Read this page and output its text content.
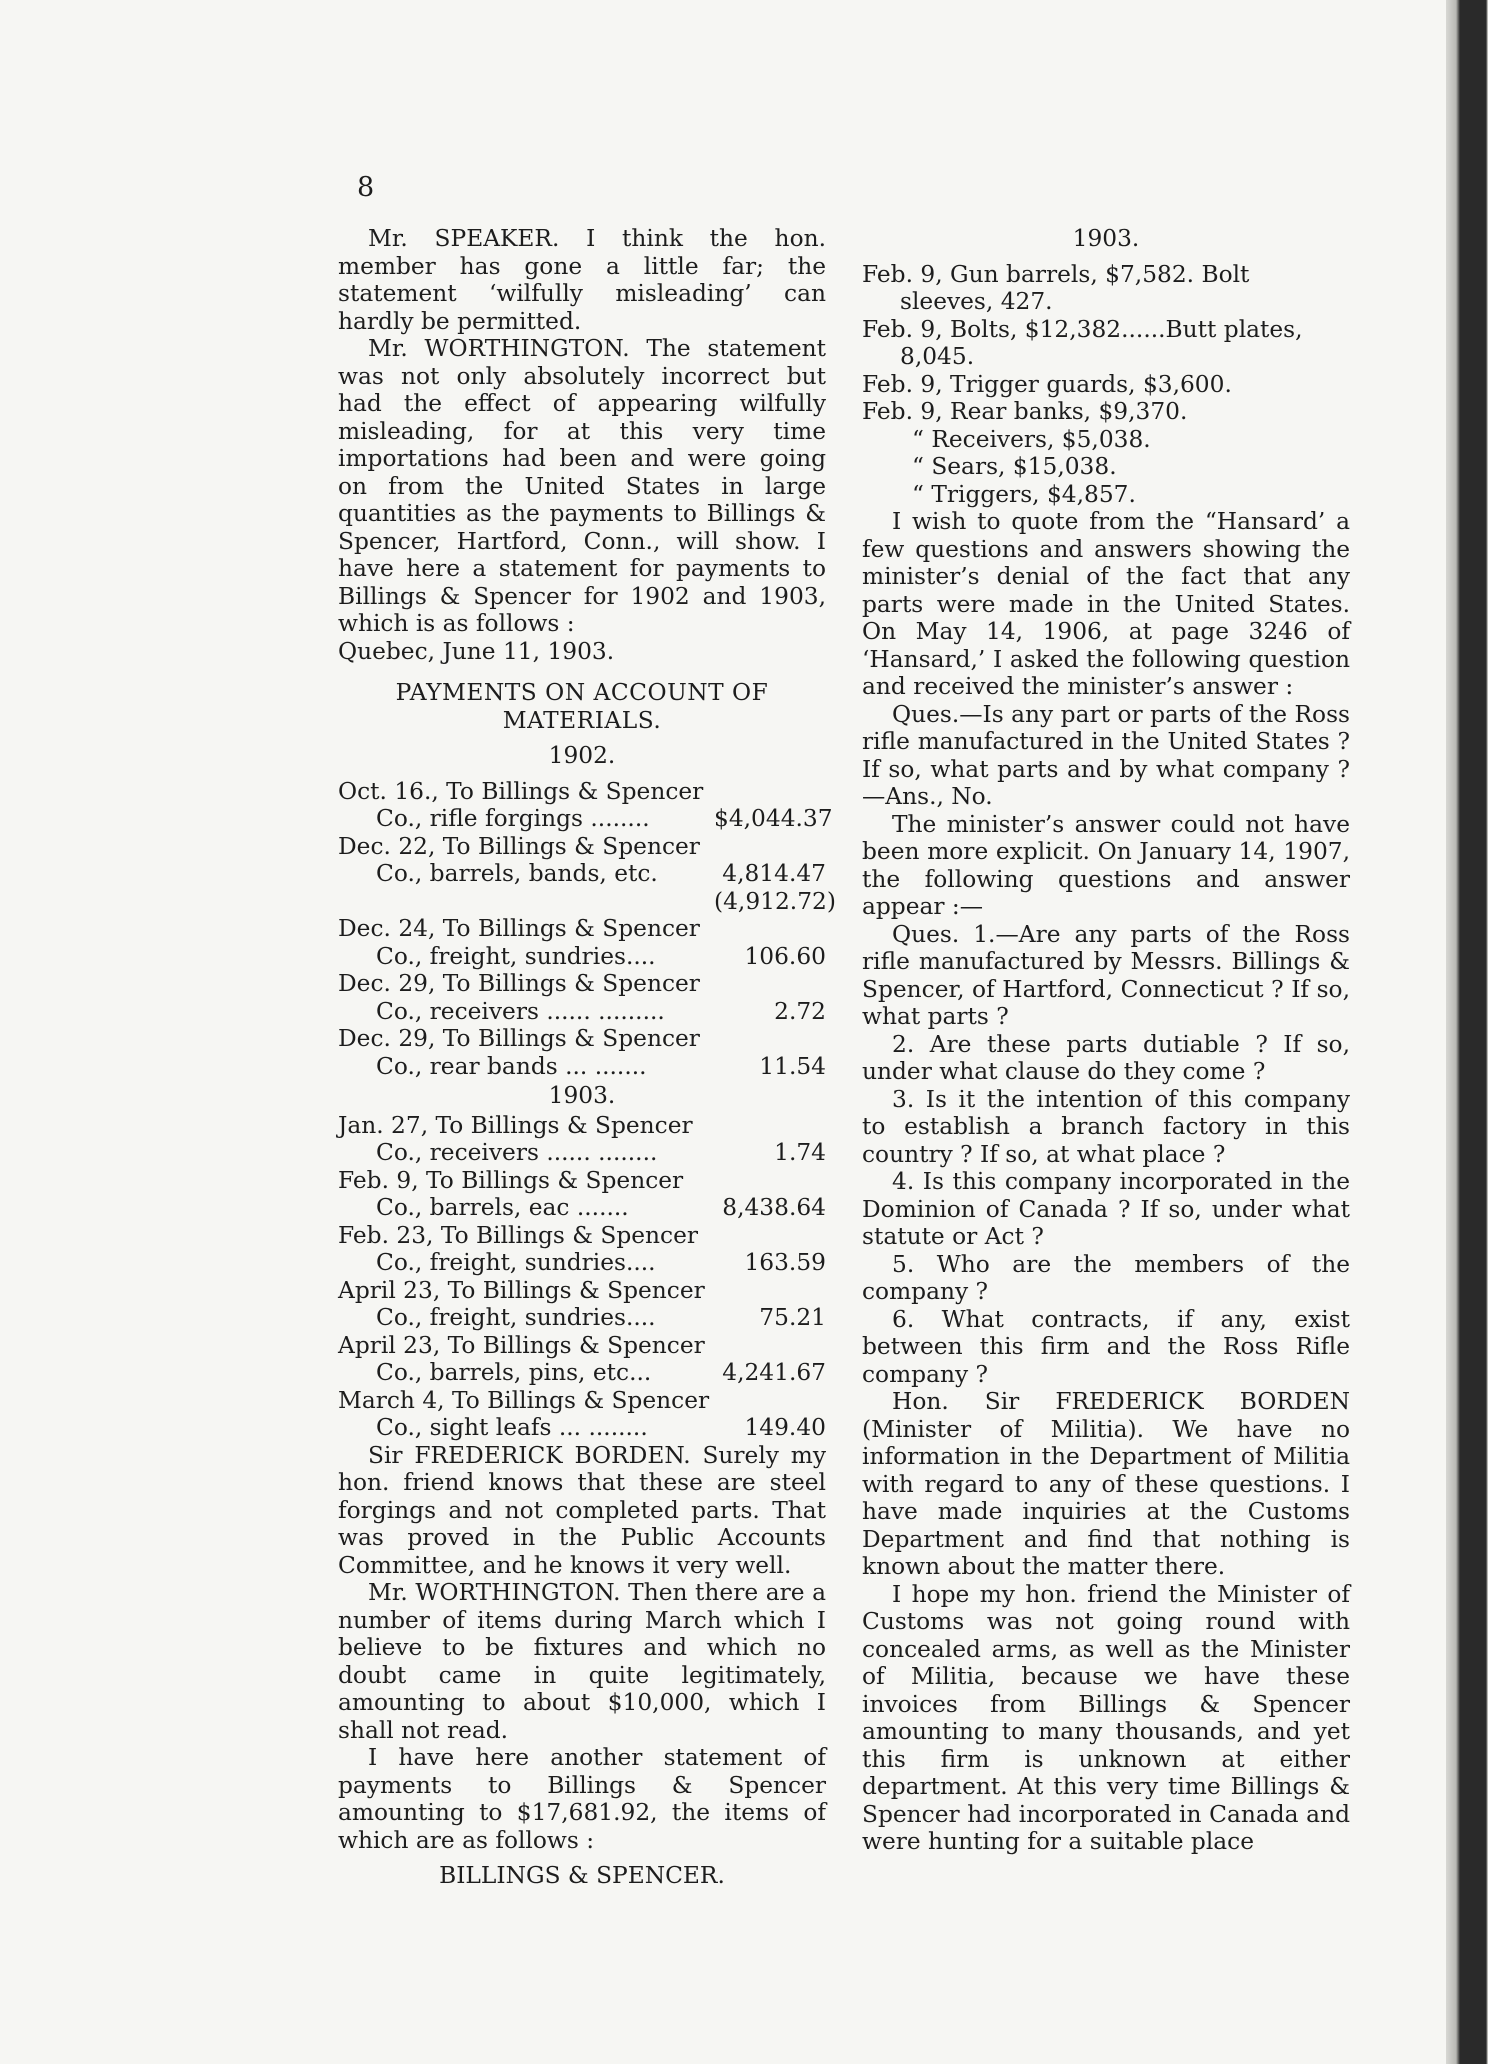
8

Mr. SPEAKER. I think the hon. member has gone a little far; the statement ‘wilfully misleading’ can hardly be permitted.

Mr. WORTHINGTON. The statement was not only absolutely incorrect but had the effect of appearing wilfully misleading, for at this very time importations had been and were going on from the United States in large quantities as the payments to Billings & Spencer, Hartford, Conn., will show. I have here a statement for payments to Billings & Spencer for 1902 and 1903, which is as follows :

Quebec, June 11, 1903.

PAYMENTS ON ACCOUNT OF MATERIALS.
1902.
Oct. 16., To Billings & Spencer Co., rifle forgings ........	$4,044.37
Dec. 22, To Billings & Spencer Co., barrels, bands, etc.	4,814.47
(4,912.72)
Dec. 24, To Billings & Spencer Co., freight, sundries....	106.60
Dec. 29, To Billings & Spencer Co., receivers ...... .........	2.72
Dec. 29, To Billings & Spencer Co., rear bands ... .......	11.54
1903.
Jan. 27, To Billings & Spencer Co., receivers ...... ........	1.74
Feb. 9, To Billings & Spencer Co., barrels, eac .......	8,438.64
Feb. 23, To Billings & Spencer Co., freight, sundries....	163.59
April 23, To Billings & Spencer Co., freight, sundries....	75.21
April 23, To Billings & Spencer Co., barrels, pins, etc...	4,241.67
March 4, To Billings & Spencer Co., sight leafs ... ........	149.40

Sir FREDERICK BORDEN. Surely my hon. friend knows that these are steel forgings and not completed parts. That was proved in the Public Accounts Committee, and he knows it very well.

Mr. WORTHINGTON. Then there are a number of items during March which I believe to be fixtures and which no doubt came in quite legitimately, amounting to about $10,000, which I shall not read.

I have here another statement of payments to Billings & Spencer amounting to $17,681.92, the items of which are as follows :

BILLINGS & SPENCER.
1903.

Feb. 9, Gun barrels, $7,582. Bolt sleeves, 427.

Feb. 9, Bolts, $12,382......Butt plates, 8,045.

Feb. 9, Trigger guards, $3,600.

Feb. 9, Rear banks, $9,370.

“ Receivers, $5,038.

“ Sears, $15,038.

“ Triggers, $4,857.

I wish to quote from the “Hansard’ a few questions and answers showing the minister’s denial of the fact that any parts were made in the United States. On May 14, 1906, at page 3246 of ‘Hansard,’ I asked the following question and received the minister’s answer :

Ques.—Is any part or parts of the Ross rifle manufactured in the United States ? If so, what parts and by what company ?—Ans., No.

The minister’s answer could not have been more explicit. On January 14, 1907, the following questions and answer appear :—

Ques. 1.—Are any parts of the Ross rifle manufactured by Messrs. Billings & Spencer, of Hartford, Connecticut ? If so, what parts ?

2. Are these parts dutiable ? If so, under what clause do they come ?

3. Is it the intention of this company to establish a branch factory in this country ? If so, at what place ?

4. Is this company incorporated in the Dominion of Canada ? If so, under what statute or Act ?

5. Who are the members of the company ?

6. What contracts, if any, exist between this firm and the Ross Rifle company ?

Hon. Sir FREDERICK BORDEN (Minister of Militia). We have no information in the Department of Militia with regard to any of these questions. I have made inquiries at the Customs Department and find that nothing is known about the matter there.

I hope my hon. friend the Minister of Customs was not going round with concealed arms, as well as the Minister of Militia, because we have these invoices from Billings & Spencer amounting to many thousands, and yet this firm is unknown at either department. At this very time Billings & Spencer had incorporated in Canada and were hunting for a suitable place
